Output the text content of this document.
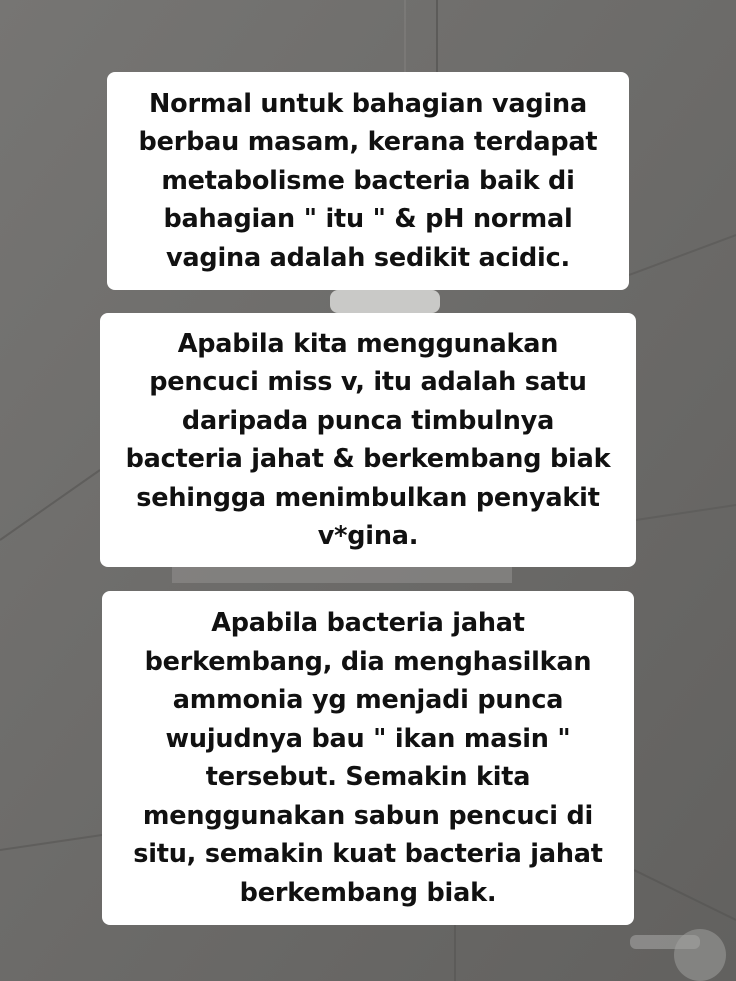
Normal untuk bahagian vagina
berbau masam, kerana terdapat
metabolisme bacteria baik di
bahagian " itu " & pH normal
vagina adalah sedikit acidic.
Apabila kita menggunakan
pencuci miss v, itu adalah satu
daripada punca timbulnya
bacteria jahat & berkembang biak
sehingga menimbulkan penyakit
v*gina.
Apabila bacteria jahat
berkembang, dia menghasilkan
ammonia yg menjadi punca
wujudnya bau " ikan masin "
tersebut. Semakin kita
menggunakan sabun pencuci di
situ, semakin kuat bacteria jahat
berkembang biak.
